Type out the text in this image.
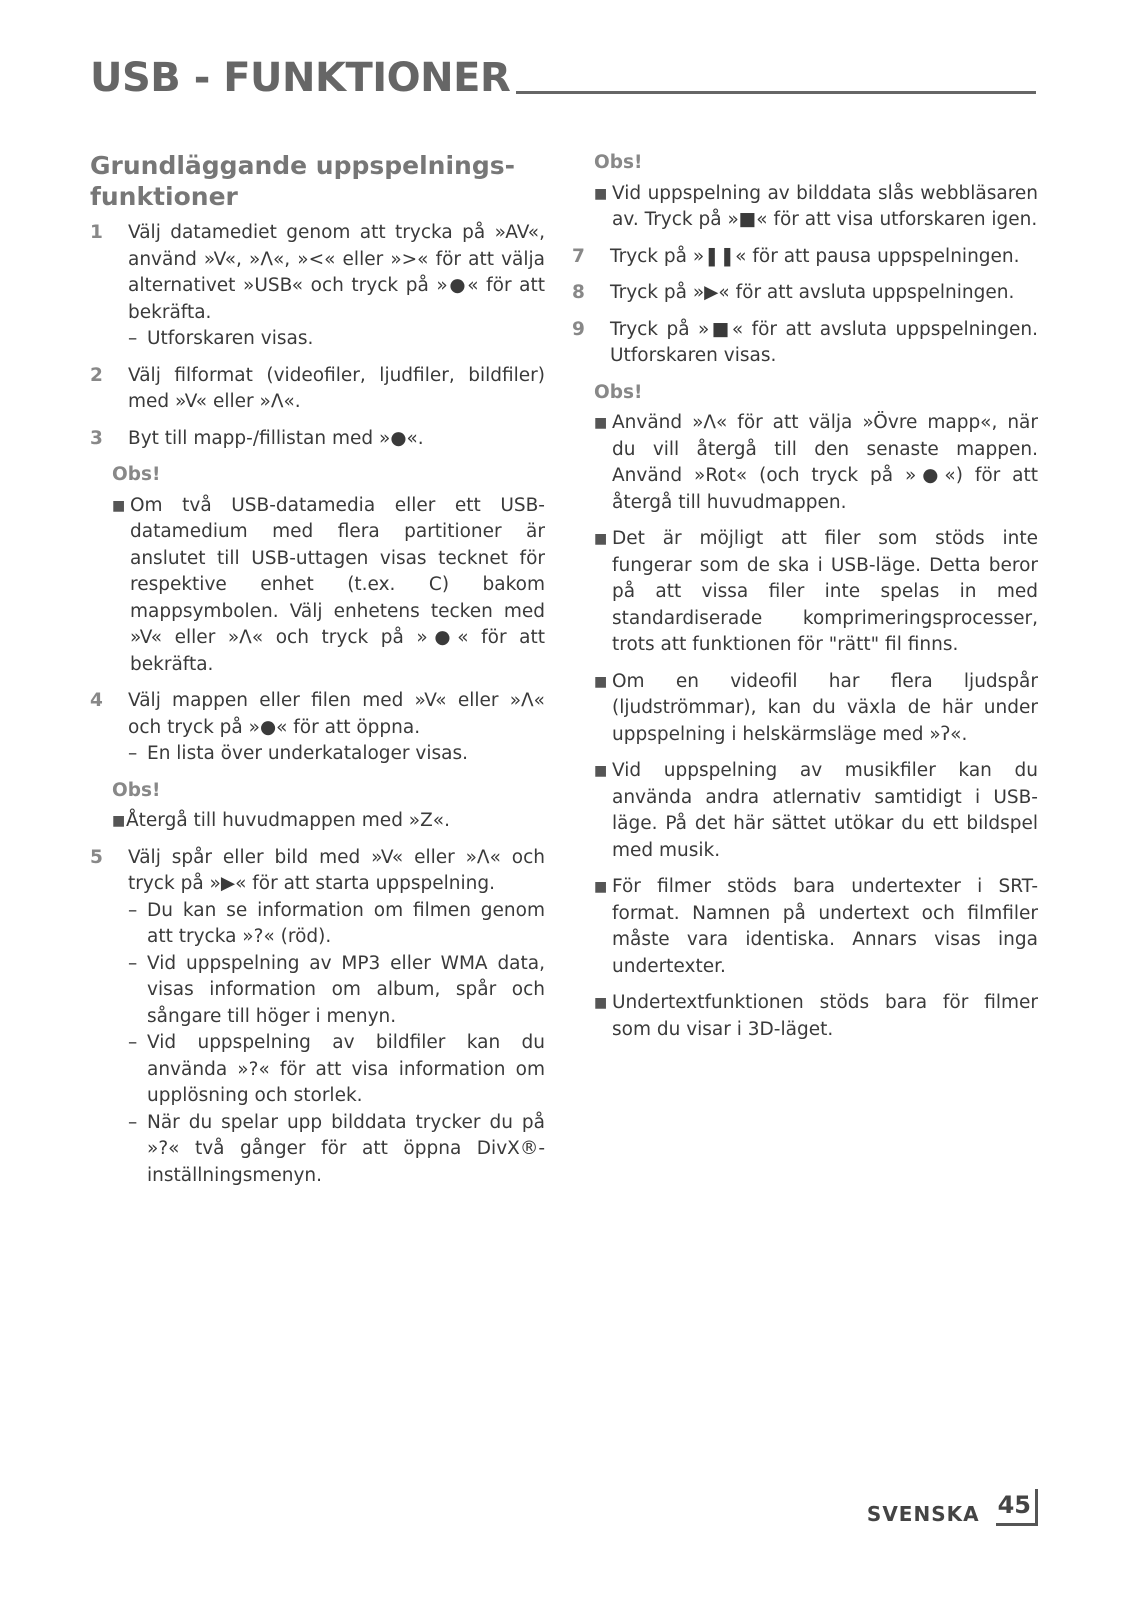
USB - FUNKTIONER
Grundläggande uppspelnings-
funktioner
1	Välj datamediet genom att trycka på »AV«, använd »V«, »Λ«, »<« eller »>« för att välja alternativet »USB« och tryck på »●« för att bekräfta.

– Utforskaren visas.
2	Välj filformat (videofiler, ljudfiler, bildfiler) med »V« eller »Λ«.

3	Byt till mapp-/fillistan med »●«.

Obs!
■ Om två USB-datamedia eller ett USB-datamedium med flera partitioner är anslutet till USB-uttagen visas tecknet för respektive enhet (t.ex. C) bakom mappsymbolen. Välj enhetens tecken med »V« eller »Λ« och tryck på »●« för att bekräfta.
4	Välj mappen eller filen med »V« eller »Λ« och tryck på »●« för att öppna.

– En lista över underkataloger visas.
Obs!
■ Återgå till huvudmappen med »Z«.
5	Välj spår eller bild med »V« eller »Λ« och tryck på »▶« för att starta uppspelning.

– Du kan se information om filmen genom att trycka »?« (röd).
– Vid uppspelning av MP3 eller WMA data, visas information om album, spår och sångare till höger i menyn.
– Vid uppspelning av bildfiler kan du använda »?« för att visa information om upplösning och storlek.
– När du spelar upp bilddata trycker du på »?« två gånger för att öppna DivX®-inställningsmenyn.
Obs!
■ Vid uppspelning av bilddata slås webbläsaren av. Tryck på »■« för att visa utforskaren igen.
7	Tryck på »❚❚« för att pausa uppspelningen.

8	Tryck på »▶« för att avsluta uppspelningen.

9	Tryck på »■« för att avsluta uppspelningen. Utforskaren visas.

Obs!
■ Använd »Λ« för att välja »Övre mapp«, när du vill återgå till den senaste mappen. Använd »Rot« (och tryck på »●«) för att återgå till huvudmappen.
■ Det är möjligt att filer som stöds inte fungerar som de ska i USB-läge. Detta beror på att vissa filer inte spelas in med standardiserade komprimeringsprocesser, trots att funktionen för "rätt" fil finns.
■ Om en videofil har flera ljudspår (ljudströmmar), kan du växla de här under uppspelning i helskärmsläge med »ʔ«.
■ Vid uppspelning av musikfiler kan du använda andra atlernativ samtidigt i USB-läge. På det här sättet utökar du ett bildspel med musik.
■ För filmer stöds bara undertexter i SRT-format. Namnen på undertext och filmfiler måste vara identiska. Annars visas inga undertexter.
■ Undertextfunktionen stöds bara för filmer som du visar i 3D-läget.
SVENSKA 45
